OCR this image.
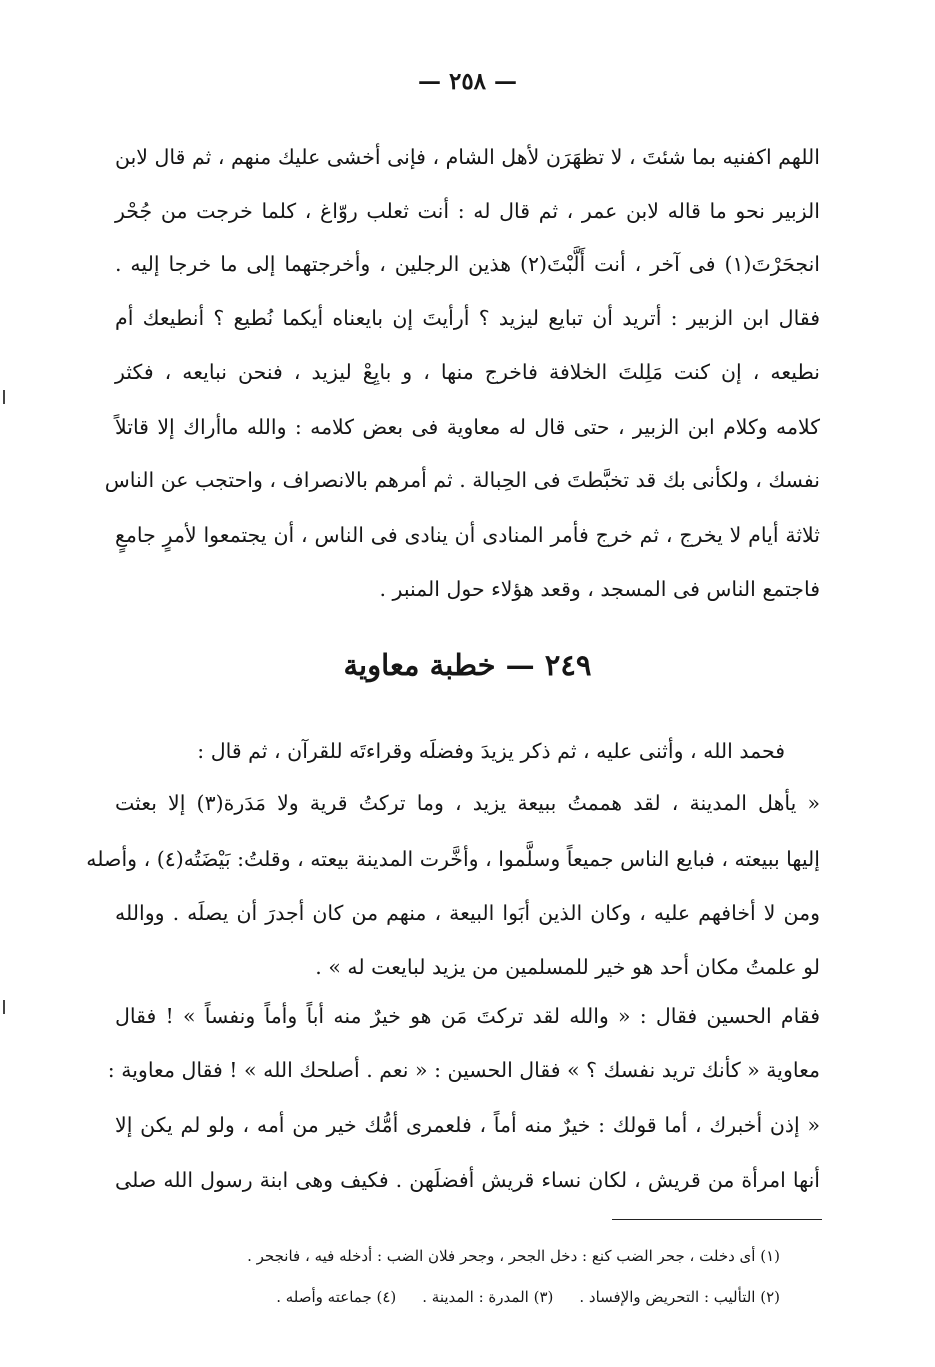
— ٢٥٨ —
اللهم اكفنيه بما شئتَ ، لا تظهَرَن لأهل الشام ، فإنى أخشى عليك منهم ، ثم قال لابن
الزبير نحو ما قاله لابن عمر ، ثم قال له : أنت ثعلب روّاغ ، كلما خرجت من جُحْر
انجحَرْتَ(١) فى آخر ، أنت أَلَّبْتَ(٢) هذين الرجلين ، وأخرجتهما إلى ما خرجا إليه .
فقال ابن الزبير : أتريد أن تبايع ليزيد ؟ أرأيتَ إن بايعناه أيكما نُطيع ؟ أنطيعك أم
نطيعه ، إن كنت مَلِلتَ الخلافة فاخرج منها ، و بايِعْ ليزيد ، فنحن نبايعه ، فكثر
كلامه وكلام ابن الزبير ، حتى قال له معاوية فى بعض كلامه : والله ماأراك إلا قاتلاً
نفسك ، ولكأنى بك قد تخبَّطتَ فى الحِبالة . ثم أمرهم بالانصراف ، واحتجب عن الناس
ثلاثة أيام لا يخرج ، ثم خرج فأمر المنادى أن ينادى فى الناس ، أن يجتمعوا لأمرٍ جامعٍ
فاجتمع الناس فى المسجد ، وقعد هؤلاء حول المنبر .
٢٤٩ — خطبة معاوية
فحمد الله ، وأثنى عليه ، ثم ذكر يزيدَ وفضلَه وقراءتَه للقرآن ، ثم قال :
« يأهل المدينة ، لقد هممتُ ببيعة يزيد ، وما تركتُ قرية ولا مَدَرة(٣) إلا بعثت
إليها ببيعته ، فبايع الناس جميعاً وسلَّموا ، وأخَّرت المدينة بيعته ، وقلتُ: بَيْضَتُه(٤) ، وأصله
ومن لا أخافهم عليه ، وكان الذين أبَوا البيعة ، منهم من كان أجدرَ أن يصلَه . ووالله
لو علمتُ مكان أحد هو خير للمسلمين من يزيد لبايعت له » .
فقام الحسين فقال : « والله لقد تركتَ مَن هو خيرٌ منه أباً وأماً ونفساً » ! فقال
معاوية « كأنك تريد نفسك ؟ » فقال الحسين : « نعم . أصلحك الله » ! فقال معاوية :
« إذن أخبرك ، أما قولك : خيرٌ منه أماً ، فلعمرى أمُّك خير من أمه ، ولو لم يكن إلا
أنها امرأة من قريش ، لكان نساء قريش أفضلَهن . فكيف وهى ابنة رسول الله صلى
(١) أى دخلت ، جحر الضب كنع : دخل الجحر ، وجحر فلان الضب : أدخله فيه ، فانجحر .
(٢) التأليب : التحريض والإفساد .(٣) المدرة : المدينة .(٤) جماعته وأصله .
